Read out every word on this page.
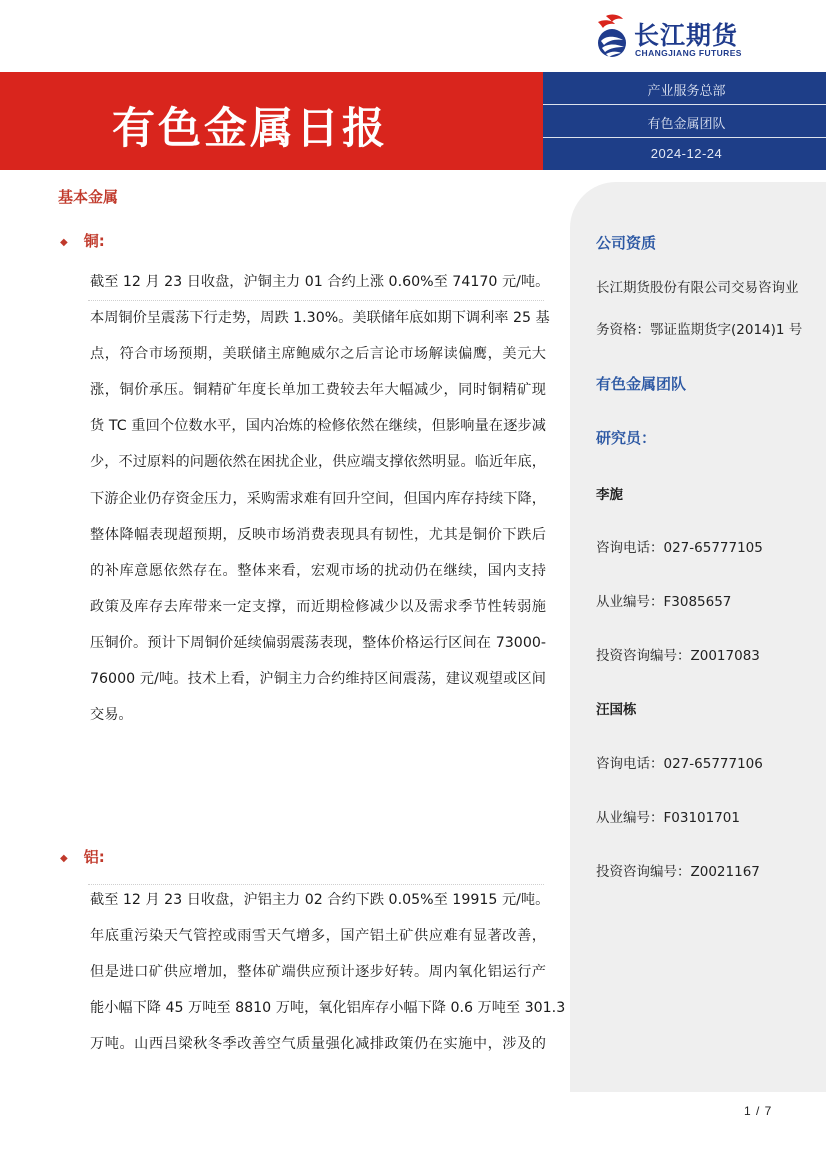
长江期货
CHANGJIANG FUTURES
有色金属日报
产业服务总部
有色金属团队
2024-12-24
公司资质
长江期货股份有限公司交易咨询业
务资格：鄂证监期货字(2014)1 号
有色金属团队
研究员：
李旎
咨询电话：027-65777105
从业编号：F3085657
投资咨询编号：Z0017083
汪国栋
咨询电话：027-65777106
从业编号：F03101701
投资咨询编号：Z0021167
基本金属
◆ 铜:
截至 12 月 23 日收盘，沪铜主力 01 合约上涨 0.60%至 74170 元/吨。
本周铜价呈震荡下行走势，周跌 1.30%。美联储年底如期下调利率 25 基
点，符合市场预期，美联储主席鲍威尔之后言论市场解读偏鹰，美元大
涨，铜价承压。铜精矿年度长单加工费较去年大幅减少，同时铜精矿现
货 TC 重回个位数水平，国内冶炼的检修依然在继续，但影响量在逐步减
少，不过原料的问题依然在困扰企业，供应端支撑依然明显。临近年底，
下游企业仍存资金压力，采购需求难有回升空间，但国内库存持续下降，
整体降幅表现超预期，反映市场消费表现具有韧性，尤其是铜价下跌后
的补库意愿依然存在。整体来看，宏观市场的扰动仍在继续，国内支持
政策及库存去库带来一定支撑，而近期检修减少以及需求季节性转弱施
压铜价。预计下周铜价延续偏弱震荡表现，整体价格运行区间在 73000-
76000 元/吨。技术上看，沪铜主力合约维持区间震荡，建议观望或区间
交易。
◆ 铝:
截至 12 月 23 日收盘，沪铝主力 02 合约下跌 0.05%至 19915 元/吨。
年底重污染天气管控或雨雪天气增多，国产铝土矿供应难有显著改善，
但是进口矿供应增加，整体矿端供应预计逐步好转。周内氧化铝运行产
能小幅下降 45 万吨至 8810 万吨，氧化铝库存小幅下降 0.6 万吨至 301.3
万吨。山西吕梁秋冬季改善空气质量强化减排政策仍在实施中，涉及的
1 / 7
